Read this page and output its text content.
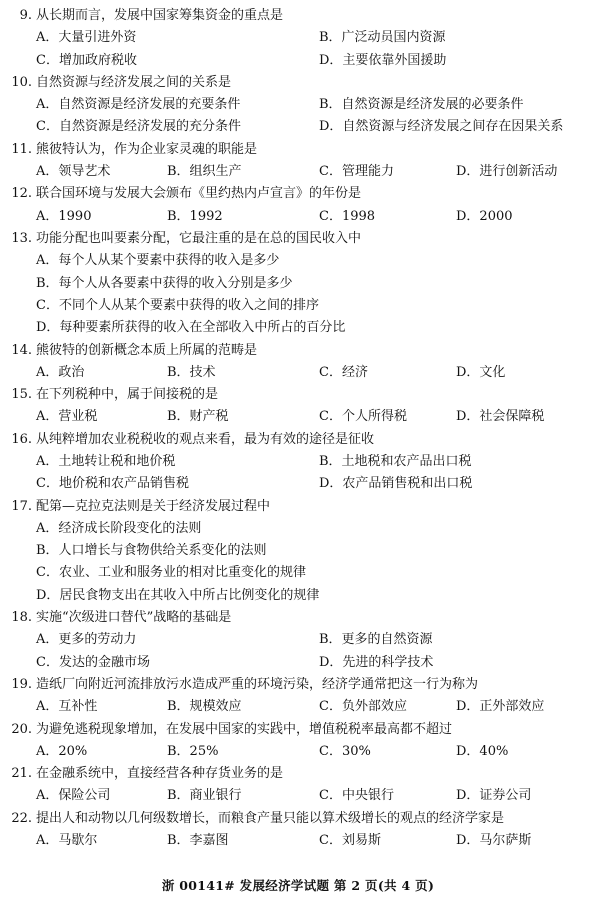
9. 从长期而言，发展中国家筹集资金的重点是
A．大量引进外资	B．广泛动员国内资源
C．增加政府税收	D．主要依靠外国援助
10. 自然资源与经济发展之间的关系是
A．自然资源是经济发展的充要条件	B．自然资源是经济发展的必要条件
C．自然资源是经济发展的充分条件	D．自然资源与经济发展之间存在因果关系
11. 熊彼特认为，作为企业家灵魂的职能是
A．领导艺术	B．组织生产	C．管理能力	D．进行创新活动
12. 联合国环境与发展大会颁布《里约热内卢宣言》的年份是
A．1990	B．1992	C．1998	D．2000
13. 功能分配也叫要素分配，它最注重的是在总的国民收入中
A．每个人从某个要素中获得的收入是多少
B．每个人从各要素中获得的收入分别是多少
C．不同个人从某个要素中获得的收入之间的排序
D．每种要素所获得的收入在全部收入中所占的百分比
14. 熊彼特的创新概念本质上所属的范畴是
A．政治	B．技术	C．经济	D．文化
15. 在下列税种中，属于间接税的是
A．营业税	B．财产税	C．个人所得税	D．社会保障税
16. 从纯粹增加农业税税收的观点来看，最为有效的途径是征收
A．土地转让税和地价税	B．土地税和农产品出口税
C．地价税和农产品销售税	D．农产品销售税和出口税
17. 配第—克拉克法则是关于经济发展过程中
A．经济成长阶段变化的法则
B．人口增长与食物供给关系变化的法则
C．农业、工业和服务业的相对比重变化的规律
D．居民食物支出在其收入中所占比例变化的规律
18. 实施“次级进口替代”战略的基础是
A．更多的劳动力	B．更多的自然资源
C．发达的金融市场	D．先进的科学技术
19. 造纸厂向附近河流排放污水造成严重的环境污染，经济学通常把这一行为称为
A．互补性	B．规模效应	C．负外部效应	D．正外部效应
20. 为避免逃税现象增加，在发展中国家的实践中，增值税税率最高都不超过
A．20%	B．25%	C．30%	D．40%
21. 在金融系统中，直接经营各种存货业务的是
A．保险公司	B．商业银行	C．中央银行	D．证券公司
22. 提出人和动物以几何级数增长，而粮食产量只能以算术级增长的观点的经济学家是
A．马歇尔	B．李嘉图	C．刘易斯	D．马尔萨斯
浙 00141# 发展经济学试题 第 2 页(共 4 页)
